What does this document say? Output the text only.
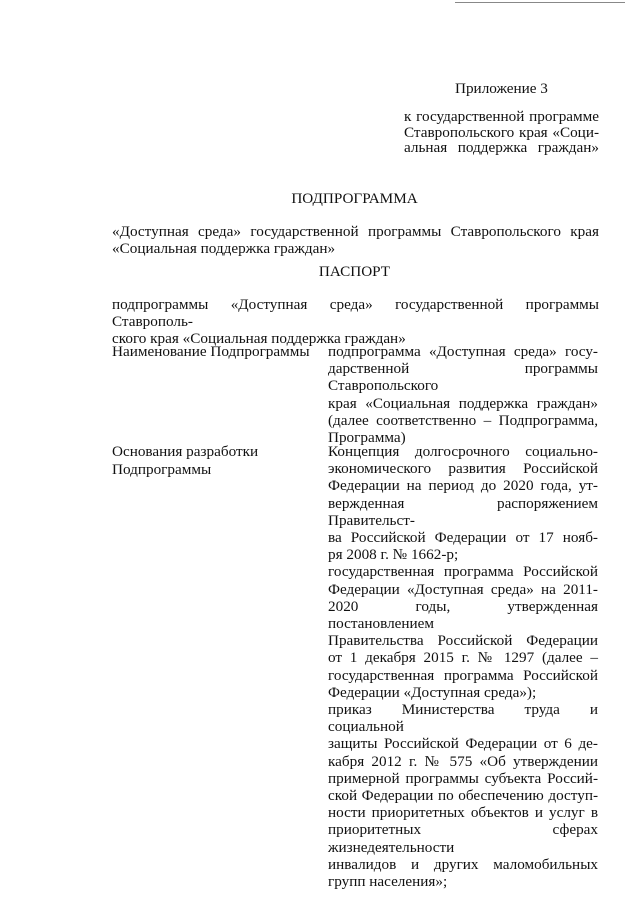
Приложение 3
к государственной программе
Ставропольского края «Соци-
альная поддержка граждан»
ПОДПРОГРАММА
«Доступная среда» государственной программы Ставропольского края
«Социальная поддержка граждан»
ПАСПОРТ
подпрограммы «Доступная среда» государственной программы Ставрополь-
ского края «Социальная поддержка граждан»
Наименование Подпрограммы подпрограмма «Доступная среда» госу-
дарственной программы Ставропольского
края «Социальная поддержка граждан»
(далее соответственно – Подпрограмма,
Программа)
Основания разработки
Подпрограммы
Концепция долгосрочного социально-
экономического развития Российской
Федерации на период до 2020 года, ут-
вержденная распоряжением Правительст-
ва Российской Федерации от 17 нояб-
ря 2008 г. № 1662-р;
государственная программа Российской
Федерации «Доступная среда» на 2011-
2020 годы, утвержденная постановлением
Правительства Российской Федерации
от 1 декабря 2015 г. № 1297 (далее –
государственная программа Российской
Федерации «Доступная среда»);
приказ Министерства труда и социальной
защиты Российской Федерации от 6 де-
кабря 2012 г. № 575 «Об утверждении
примерной программы субъекта Россий-
ской Федерации по обеспечению доступ-
ности приоритетных объектов и услуг в
приоритетных сферах жизнедеятельности
инвалидов и других маломобильных
групп населения»;
